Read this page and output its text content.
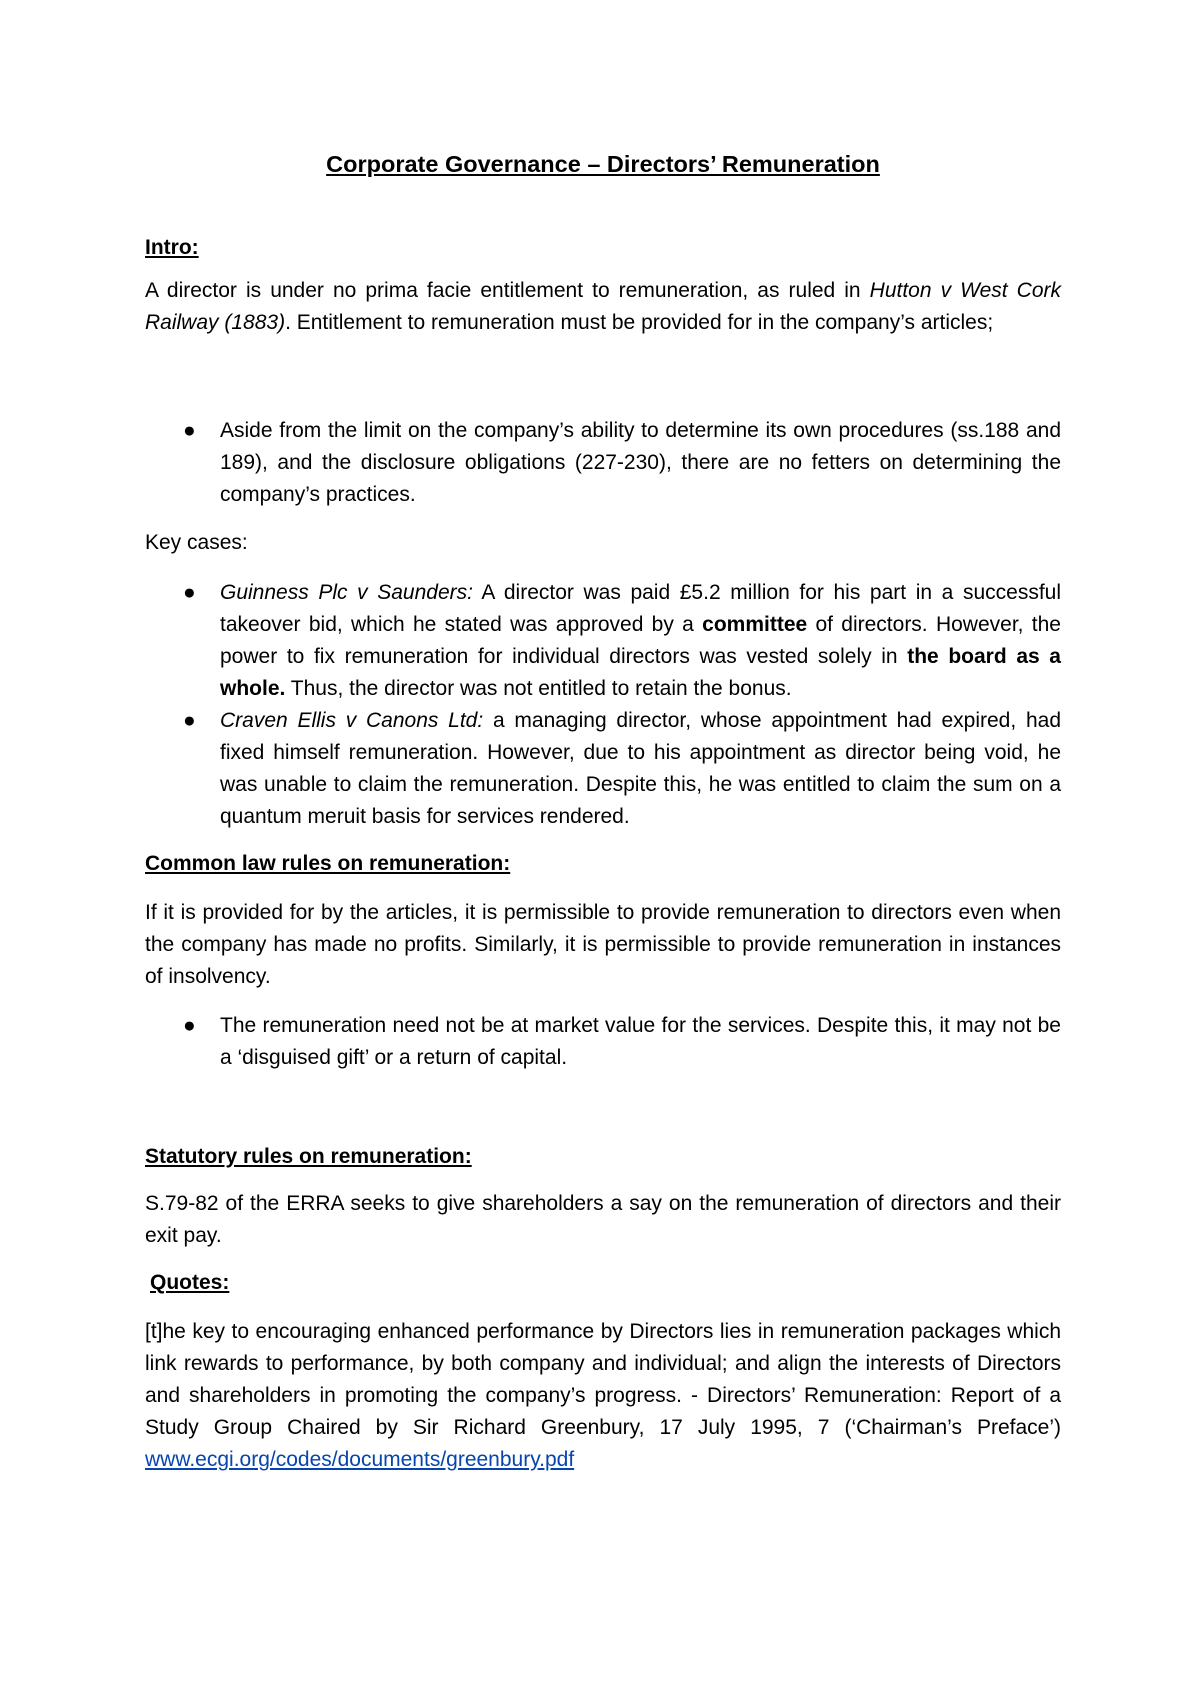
Corporate Governance – Directors’ Remuneration
Intro:

A director is under no prima facie entitlement to remuneration, as ruled in Hutton v West Cork Railway (1883). Entitlement to remuneration must be provided for in the company’s articles;

● Aside from the limit on the company’s ability to determine its own procedures (ss.188 and 189), and the disclosure obligations (227-230), there are no fetters on determining the company’s practices.
Key cases:
● Guinness Plc v Saunders: A director was paid £5.2 million for his part in a successful takeover bid, which he stated was approved by a committee of directors. However, the power to fix remuneration for individual directors was vested solely in the board as a whole. Thus, the director was not entitled to retain the bonus.
● Craven Ellis v Canons Ltd: a managing director, whose appointment had expired, had fixed himself remuneration. However, due to his appointment as director being void, he was unable to claim the remuneration. Despite this, he was entitled to claim the sum on a quantum meruit basis for services rendered.
Common law rules on remuneration:

If it is provided for by the articles, it is permissible to provide remuneration to directors even when the company has made no profits. Similarly, it is permissible to provide remuneration in instances of insolvency.

● The remuneration need not be at market value for the services. Despite this, it may not be a ‘disguised gift’ or a return of capital.
Statutory rules on remuneration:

S.79-82 of the ERRA seeks to give shareholders a say on the remuneration of directors and their exit pay.

Quotes:

[t]he key to encouraging enhanced performance by Directors lies in remuneration packages which link rewards to performance, by both company and individual; and align the interests of Directors and shareholders in promoting the company’s progress. - Directors’ Remuneration: Report of a Study Group Chaired by Sir Richard Greenbury, 17 July 1995, 7 (‘Chairman’s Preface’) www.ecgi.org/codes/documents/greenbury.pdf
